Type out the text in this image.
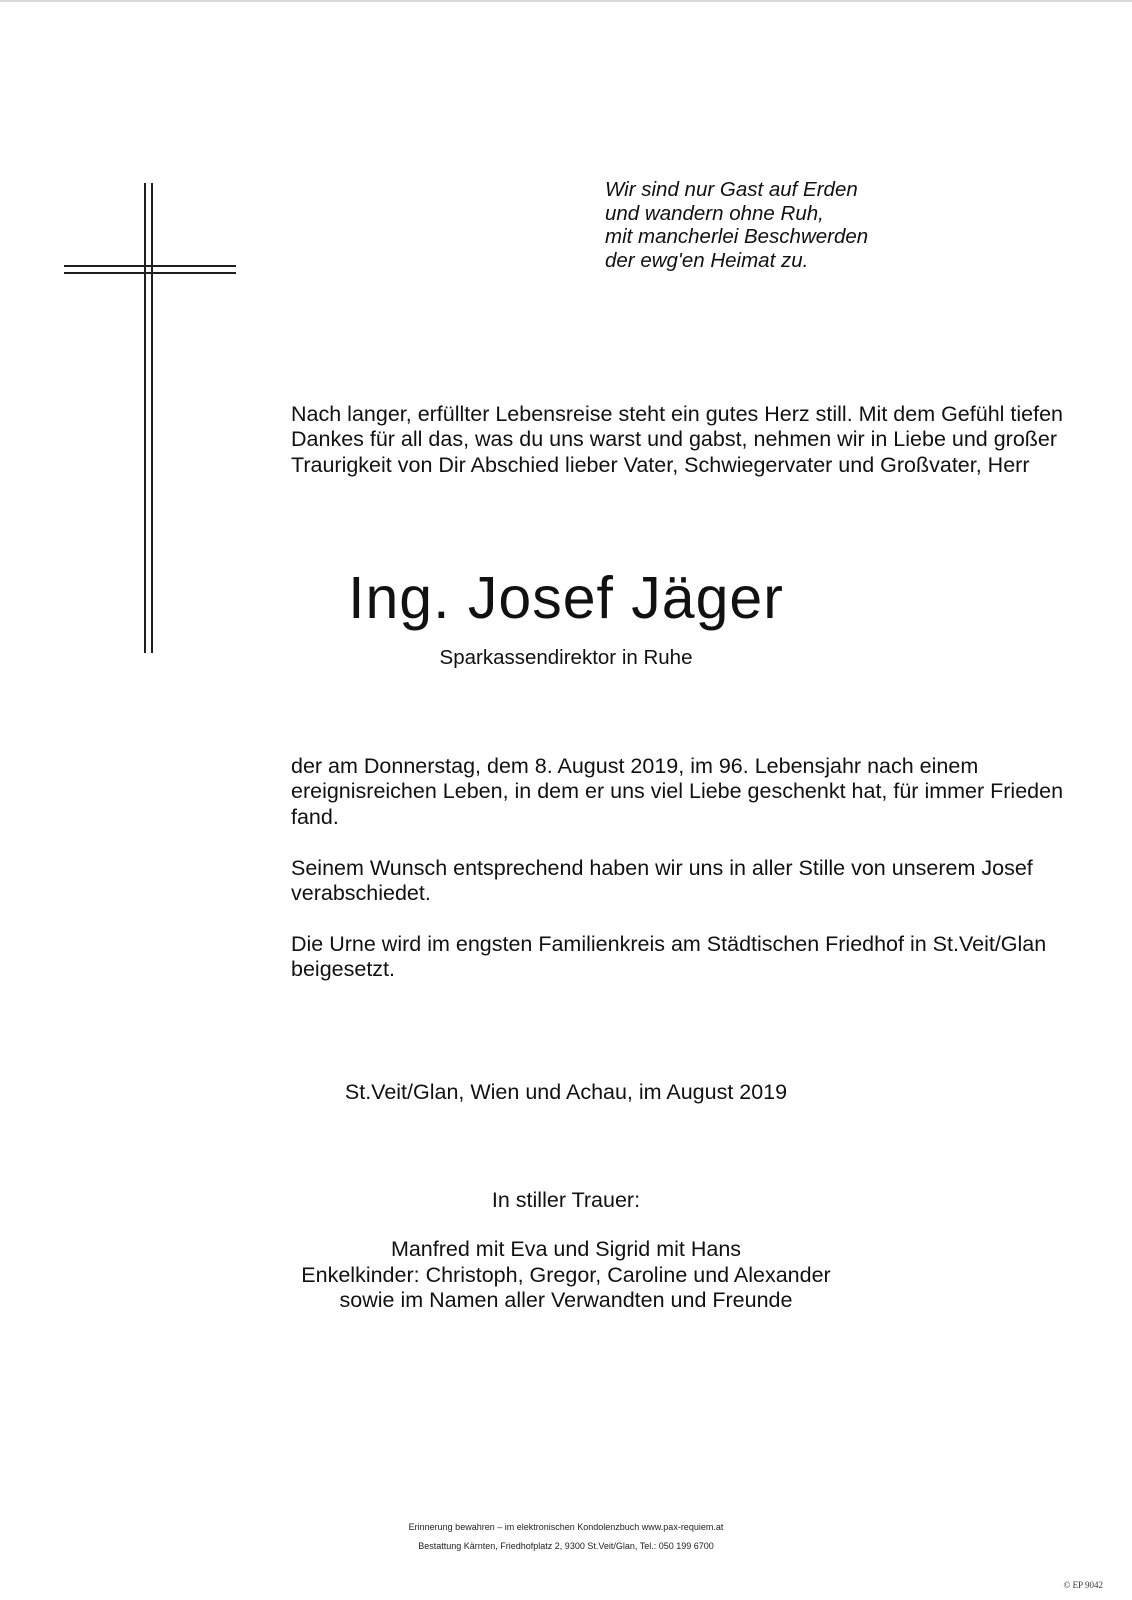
Wir sind nur Gast auf Erden
und wandern ohne Ruh,
mit mancherlei Beschwerden
der ewg'en Heimat zu.
Nach langer, erfüllter Lebensreise steht ein gutes Herz still. Mit dem Gefühl tiefen Dankes für all das, was du uns warst und gabst, nehmen wir in Liebe und großer Traurigkeit von Dir Abschied lieber Vater, Schwiegervater und Großvater, Herr
Ing. Josef Jäger
Sparkassendirektor in Ruhe
der am Donnerstag, dem 8. August 2019, im 96. Lebensjahr nach einem ereignisreichen Leben, in dem er uns viel Liebe geschenkt hat, für immer Frieden fand.
Seinem Wunsch entsprechend haben wir uns in aller Stille von unserem Josef verabschiedet.
Die Urne wird im engsten Familienkreis am Städtischen Friedhof in St.Veit/Glan beigesetzt.
St.Veit/Glan, Wien und Achau, im August 2019
In stiller Trauer:
Manfred mit Eva und Sigrid mit Hans
Enkelkinder: Christoph, Gregor, Caroline und Alexander
sowie im Namen aller Verwandten und Freunde
Erinnerung bewahren – im elektronischen Kondolenzbuch www.pax-requiem.at
Bestattung Kärnten, Friedhofplatz 2, 9300 St.Veit/Glan, Tel.: 050 199 6700
© EP 9042
